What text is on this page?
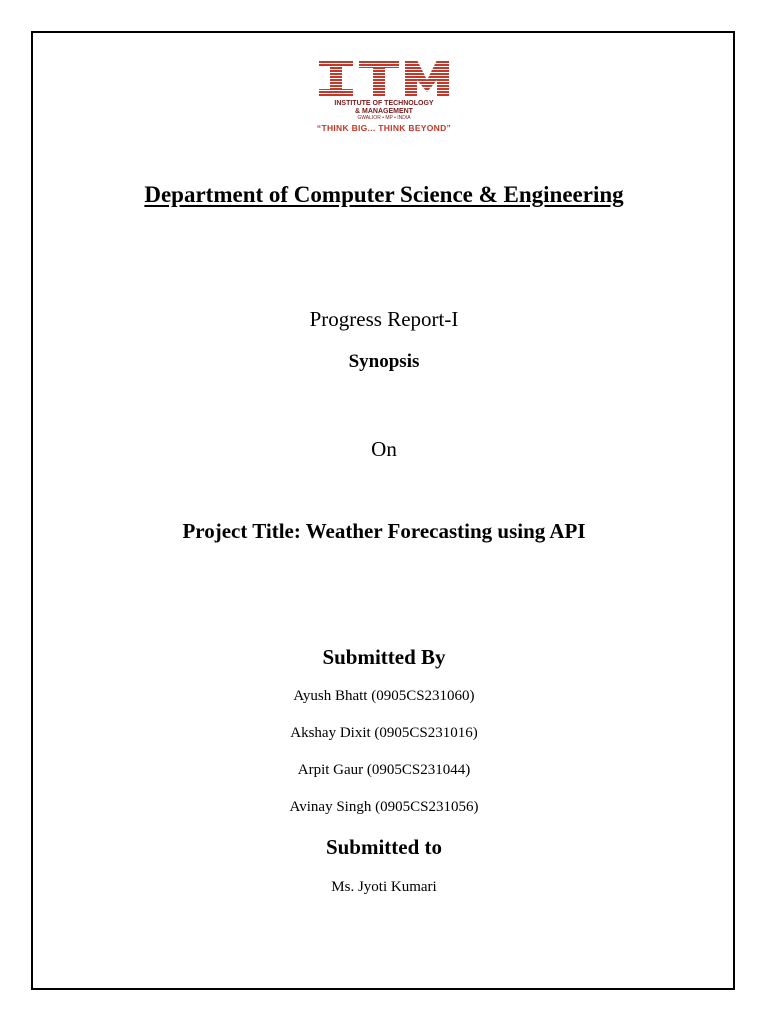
INSTITUTE OF TECHNOLOGY
& MANAGEMENT
GWALIOR • MP • INDIA
“THINK BIG... THINK BEYOND”
Department of Computer Science & Engineering
Progress Report-I
Synopsis
On
Project Title: Weather Forecasting using API
Submitted By
Ayush Bhatt (0905CS231060)
Akshay Dixit (0905CS231016)
Arpit Gaur (0905CS231044)
Avinay Singh (0905CS231056)
Submitted to
Ms. Jyoti Kumari
